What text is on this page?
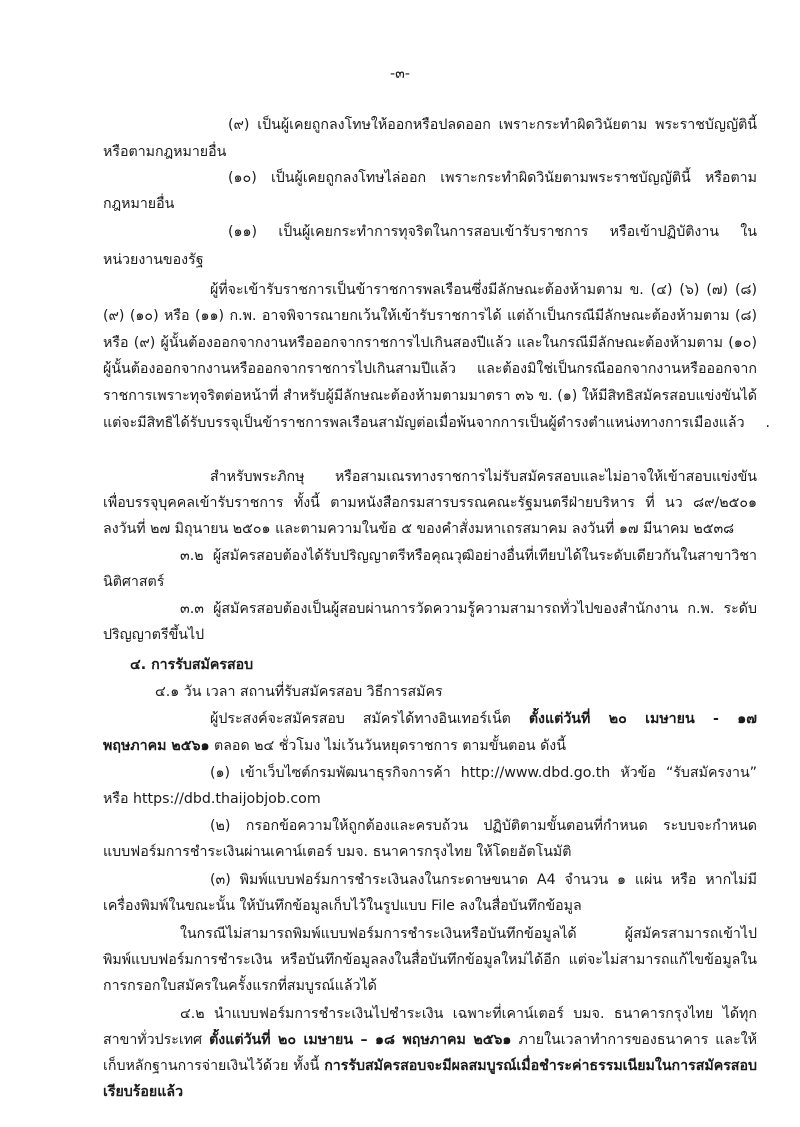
-๓-
(๙) เป็นผู้เคยถูกลงโทษให้ออกหรือปลดออก เพราะกระทำผิดวินัยตาม พระราชบัญญัตินี้
หรือตามกฎหมายอื่น
(๑๐) เป็นผู้เคยถูกลงโทษไล่ออก เพราะกระทำผิดวินัยตามพระราชบัญญัตินี้ หรือตาม
กฎหมายอื่น
(๑๑) เป็นผู้เคยกระทำการทุจริตในการสอบเข้ารับราชการ หรือเข้าปฏิบัติงาน ใน
หน่วยงานของรัฐ
ผู้ที่จะเข้ารับราชการเป็นข้าราชการพลเรือนซึ่งมีลักษณะต้องห้ามตาม ข. (๔) (๖) (๗) (๘)
(๙) (๑๐) หรือ (๑๑) ก.พ. อาจพิจารณายกเว้นให้เข้ารับราชการได้ แต่ถ้าเป็นกรณีมีลักษณะต้องห้ามตาม (๘)
หรือ (๙) ผู้นั้นต้องออกจากงานหรือออกจากราชการไปเกินสองปีแล้ว และในกรณีมีลักษณะต้องห้ามตาม (๑๐)
ผู้นั้นต้องออกจากงานหรือออกจากราชการไปเกินสามปีแล้ว และต้องมิใช่เป็นกรณีออกจากงานหรือออกจาก
ราชการเพราะทุจริตต่อหน้าที่ สำหรับผู้มีลักษณะต้องห้ามตามมาตรา ๓๖ ข. (๑) ให้มีสิทธิสมัครสอบแข่งขันได้
แต่จะมีสิทธิได้รับบรรจุเป็นข้าราชการพลเรือนสามัญต่อเมื่อพ้นจากการเป็นผู้ดำรงตำแหน่งทางการเมืองแล้ว .
สำหรับพระภิกษุ หรือสามเณรทางราชการไม่รับสมัครสอบและไม่อาจให้เข้าสอบแข่งขัน
เพื่อบรรจุบุคคลเข้ารับราชการ ทั้งนี้ ตามหนังสือกรมสารบรรณคณะรัฐมนตรีฝ่ายบริหาร ที่ นว ๘๙/๒๕๐๑
ลงวันที่ ๒๗ มิถุนายน ๒๕๐๑ และตามความในข้อ ๕ ของคำสั่งมหาเถรสมาคม ลงวันที่ ๑๗ มีนาคม ๒๕๓๘
๓.๒ ผู้สมัครสอบต้องได้รับปริญญาตรีหรือคุณวุฒิอย่างอื่นที่เทียบได้ในระดับเดียวกันในสาขาวิชา
นิติศาสตร์
๓.๓ ผู้สมัครสอบต้องเป็นผู้สอบผ่านการวัดความรู้ความสามารถทั่วไปของสำนักงาน ก.พ. ระดับ
ปริญญาตรีขึ้นไป
๔. การรับสมัครสอบ
๔.๑ วัน เวลา สถานที่รับสมัครสอบ วิธีการสมัคร
ผู้ประสงค์จะสมัครสอบ สมัครได้ทางอินเทอร์เน็ต ตั้งแต่วันที่ ๒๐ เมษายน - ๑๗
พฤษภาคม ๒๕๖๑ ตลอด ๒๔ ชั่วโมง ไม่เว้นวันหยุดราชการ ตามขั้นตอน ดังนี้
(๑) เข้าเว็บไซต์กรมพัฒนาธุรกิจการค้า http://www.dbd.go.th หัวข้อ “รับสมัครงาน”
หรือ https://dbd.thaijobjob.com
(๒) กรอกข้อความให้ถูกต้องและครบถ้วน ปฏิบัติตามขั้นตอนที่กำหนด ระบบจะกำหนด
แบบฟอร์มการชำระเงินผ่านเคาน์เตอร์ บมจ. ธนาคารกรุงไทย ให้โดยอัตโนมัติ
(๓) พิมพ์แบบฟอร์มการชำระเงินลงในกระดาษขนาด A4 จำนวน ๑ แผ่น หรือ หากไม่มี
เครื่องพิมพ์ในขณะนั้น ให้บันทึกข้อมูลเก็บไว้ในรูปแบบ File ลงในสื่อบันทึกข้อมูล
ในกรณีไม่สามารถพิมพ์แบบฟอร์มการชำระเงินหรือบันทึกข้อมูลได้ ผู้สมัครสามารถเข้าไป
พิมพ์แบบฟอร์มการชำระเงิน หรือบันทึกข้อมูลลงในสื่อบันทึกข้อมูลใหม่ได้อีก แต่จะไม่สามารถแก้ไขข้อมูลใน
การกรอกใบสมัครในครั้งแรกที่สมบูรณ์แล้วได้
๔.๒ นำแบบฟอร์มการชำระเงินไปชำระเงิน เฉพาะที่เคาน์เตอร์ บมจ. ธนาคารกรุงไทย ได้ทุก
สาขาทั่วประเทศ ตั้งแต่วันที่ ๒๐ เมษายน – ๑๘ พฤษภาคม ๒๕๖๑ ภายในเวลาทำการของธนาคาร และให้
เก็บหลักฐานการจ่ายเงินไว้ด้วย ทั้งนี้ การรับสมัครสอบจะมีผลสมบูรณ์เมื่อชำระค่าธรรมเนียมในการสมัครสอบ
เรียบร้อยแล้ว
